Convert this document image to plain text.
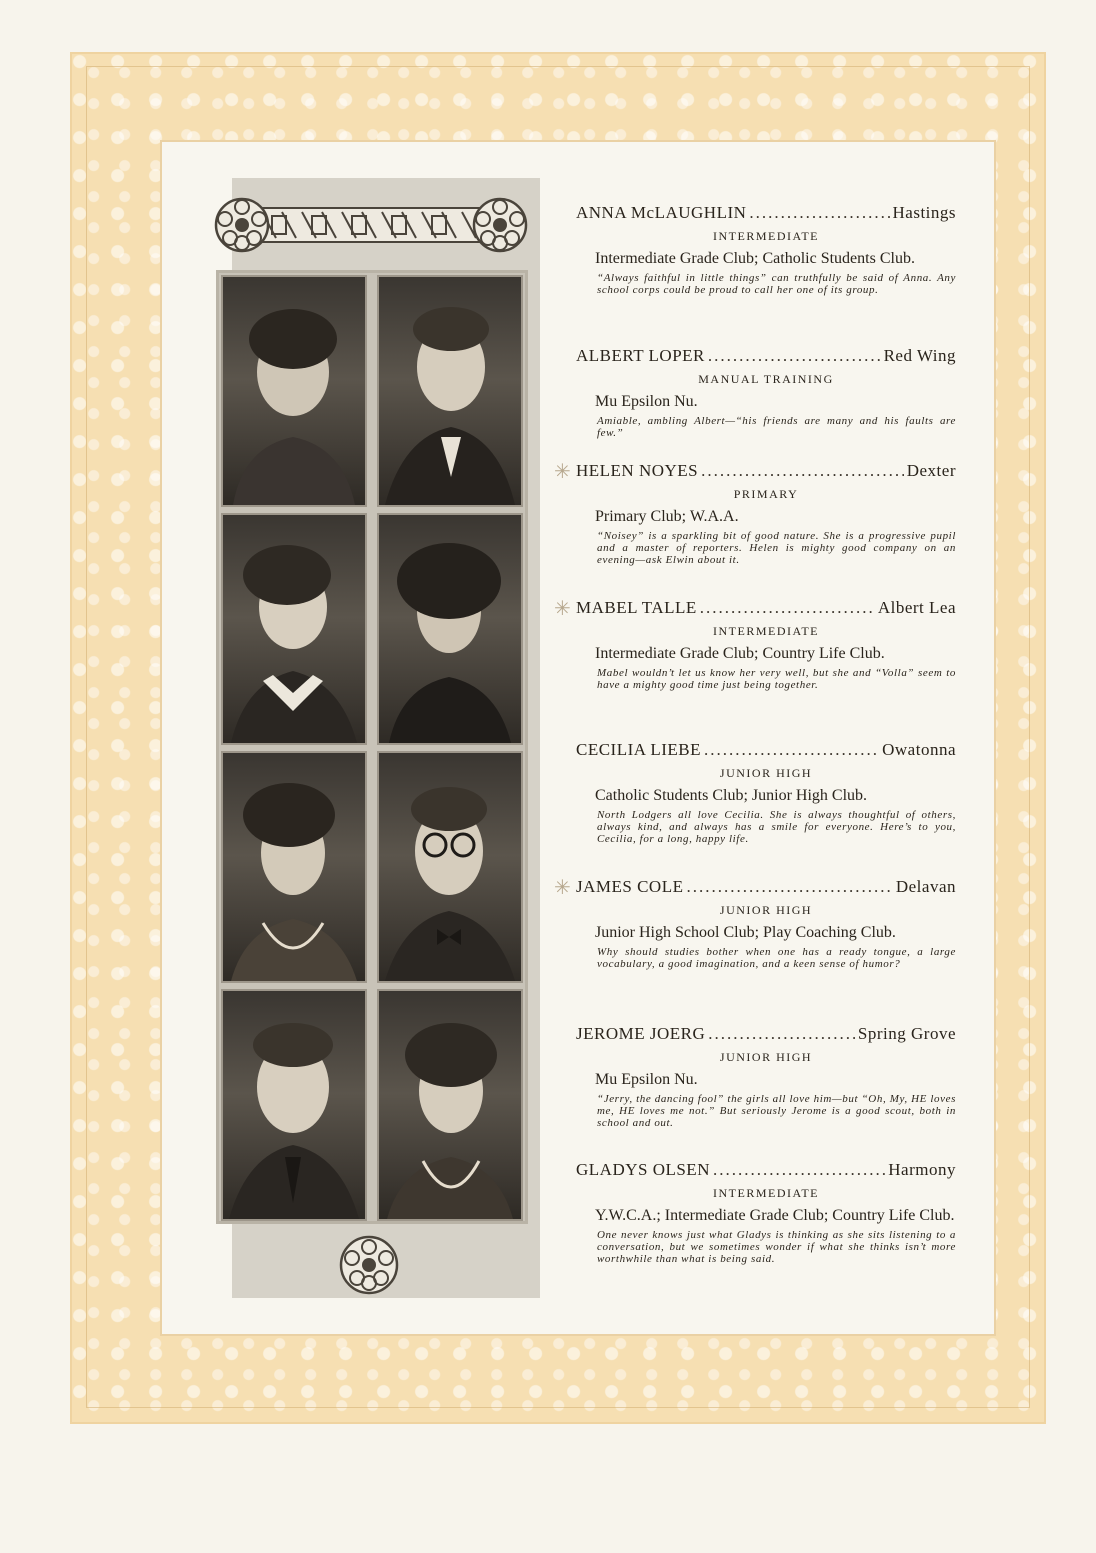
ANNA McLAUGHLIN .....	Hastings
INTERMEDIATE
Intermediate Grade Club; Catholic Students Club.
“Always faithful in little things” can truthfully be said of Anna. Any school corps could be proud to call her one of its group.
ALBERT LOPER .....	Red Wing
MANUAL TRAINING
Mu Epsilon Nu.
Amiable, ambling Albert—“his friends are many and his faults are few.”
✳ HELEN NOYES .....	Dexter
PRIMARY
Primary Club; W.A.A.
“Noisey” is a sparkling bit of good nature. She is a progressive pupil and a master of reporters. Helen is mighty good company on an evening—ask Elwin about it.
✳ MABEL TALLE .....	Albert Lea
INTERMEDIATE
Intermediate Grade Club; Country Life Club.
Mabel wouldn’t let us know her very well, but she and “Volla” seem to have a mighty good time just being together.
CECILIA LIEBE .....	Owatonna
JUNIOR HIGH
Catholic Students Club; Junior High Club.
North Lodgers all love Cecilia. She is always thoughtful of others, always kind, and always has a smile for everyone. Here’s to you, Cecilia, for a long, happy life.
✳ JAMES COLE .....	Delavan
JUNIOR HIGH
Junior High School Club; Play Coaching Club.
Why should studies bother when one has a ready tongue, a large vocabulary, a good imagination, and a keen sense of humor?
JEROME JOERG .....	Spring Grove
JUNIOR HIGH
Mu Epsilon Nu.
“Jerry, the dancing fool” the girls all love him—but “Oh, My, HE loves me, HE loves me not.” But seriously Jerome is a good scout, both in school and out.
GLADYS OLSEN .....	Harmony
INTERMEDIATE
Y.W.C.A.; Intermediate Grade Club; Country Life Club.
One never knows just what Gladys is thinking as she sits listening to a conversation, but we sometimes wonder if what she thinks isn’t more worthwhile than what is being said.
